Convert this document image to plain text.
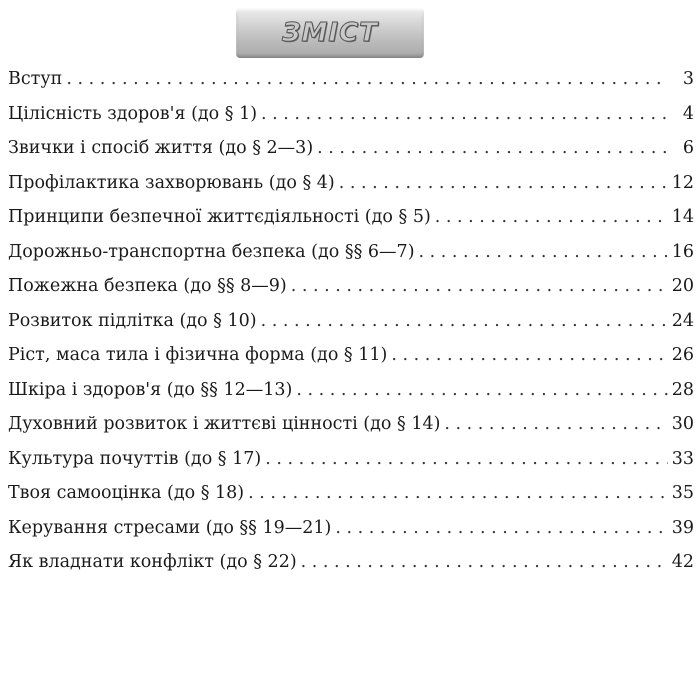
ЗМІСТ
Вступ . . .	3
Цілісність здоров'я (до § 1) . . .	4
Звички і спосіб життя (до § 2—3) . . .	6
Профілактика захворювань (до § 4) . . .	12
Принципи безпечної життєдіяльності (до § 5) . . .	14
Дорожньо-транспортна безпека (до §§ 6—7) . . .	16
Пожежна безпека (до §§ 8—9) . . .	20
Розвиток підлітка (до § 10) . . .	24
Ріст, маса тила і фізична форма (до § 11) . . .	26
Шкіра і здоров'я (до §§ 12—13) . . .	28
Духовний розвиток і життєві цінності (до § 14) . . .	30
Культура почуттів (до § 17) . . .	33
Твоя самооцінка (до § 18) . . .	35
Керування стресами (до §§ 19—21) . . .	39
Як владнати конфлікт (до § 22) . . .	42
